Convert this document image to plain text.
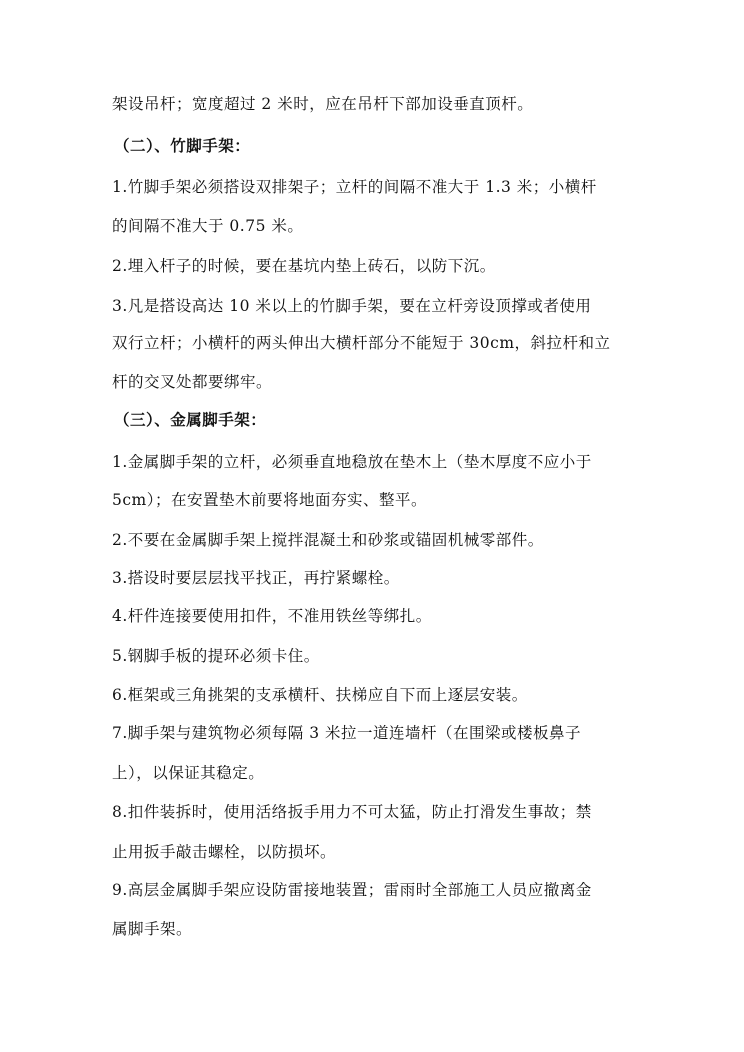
架设吊杆；宽度超过 2 米时，应在吊杆下部加设垂直顶杆。
（二）、竹脚手架：
1.竹脚手架必须搭设双排架子；立杆的间隔不准大于 1.3 米；小横杆
的间隔不准大于 0.75 米。
2.埋入杆子的时候，要在基坑内垫上砖石，以防下沉。
3.凡是搭设高达 10 米以上的竹脚手架，要在立杆旁设顶撑或者使用
双行立杆；小横杆的两头伸出大横杆部分不能短于 30cm，斜拉杆和立
杆的交叉处都要绑牢。
（三）、金属脚手架：
1.金属脚手架的立杆，必须垂直地稳放在垫木上（垫木厚度不应小于
5cm）；在安置垫木前要将地面夯实、整平。
2.不要在金属脚手架上搅拌混凝土和砂浆或锚固机械零部件。
3.搭设时要层层找平找正，再拧紧螺栓。
4.杆件连接要使用扣件，不准用铁丝等绑扎。
5.钢脚手板的提环必须卡住。
6.框架或三角挑架的支承横杆、扶梯应自下而上逐层安装。
7.脚手架与建筑物必须每隔 3 米拉一道连墙杆（在围梁或楼板鼻子
上），以保证其稳定。
8.扣件装拆时，使用活络扳手用力不可太猛，防止打滑发生事故；禁
止用扳手敲击螺栓，以防损坏。
9.高层金属脚手架应设防雷接地装置；雷雨时全部施工人员应撤离金
属脚手架。
